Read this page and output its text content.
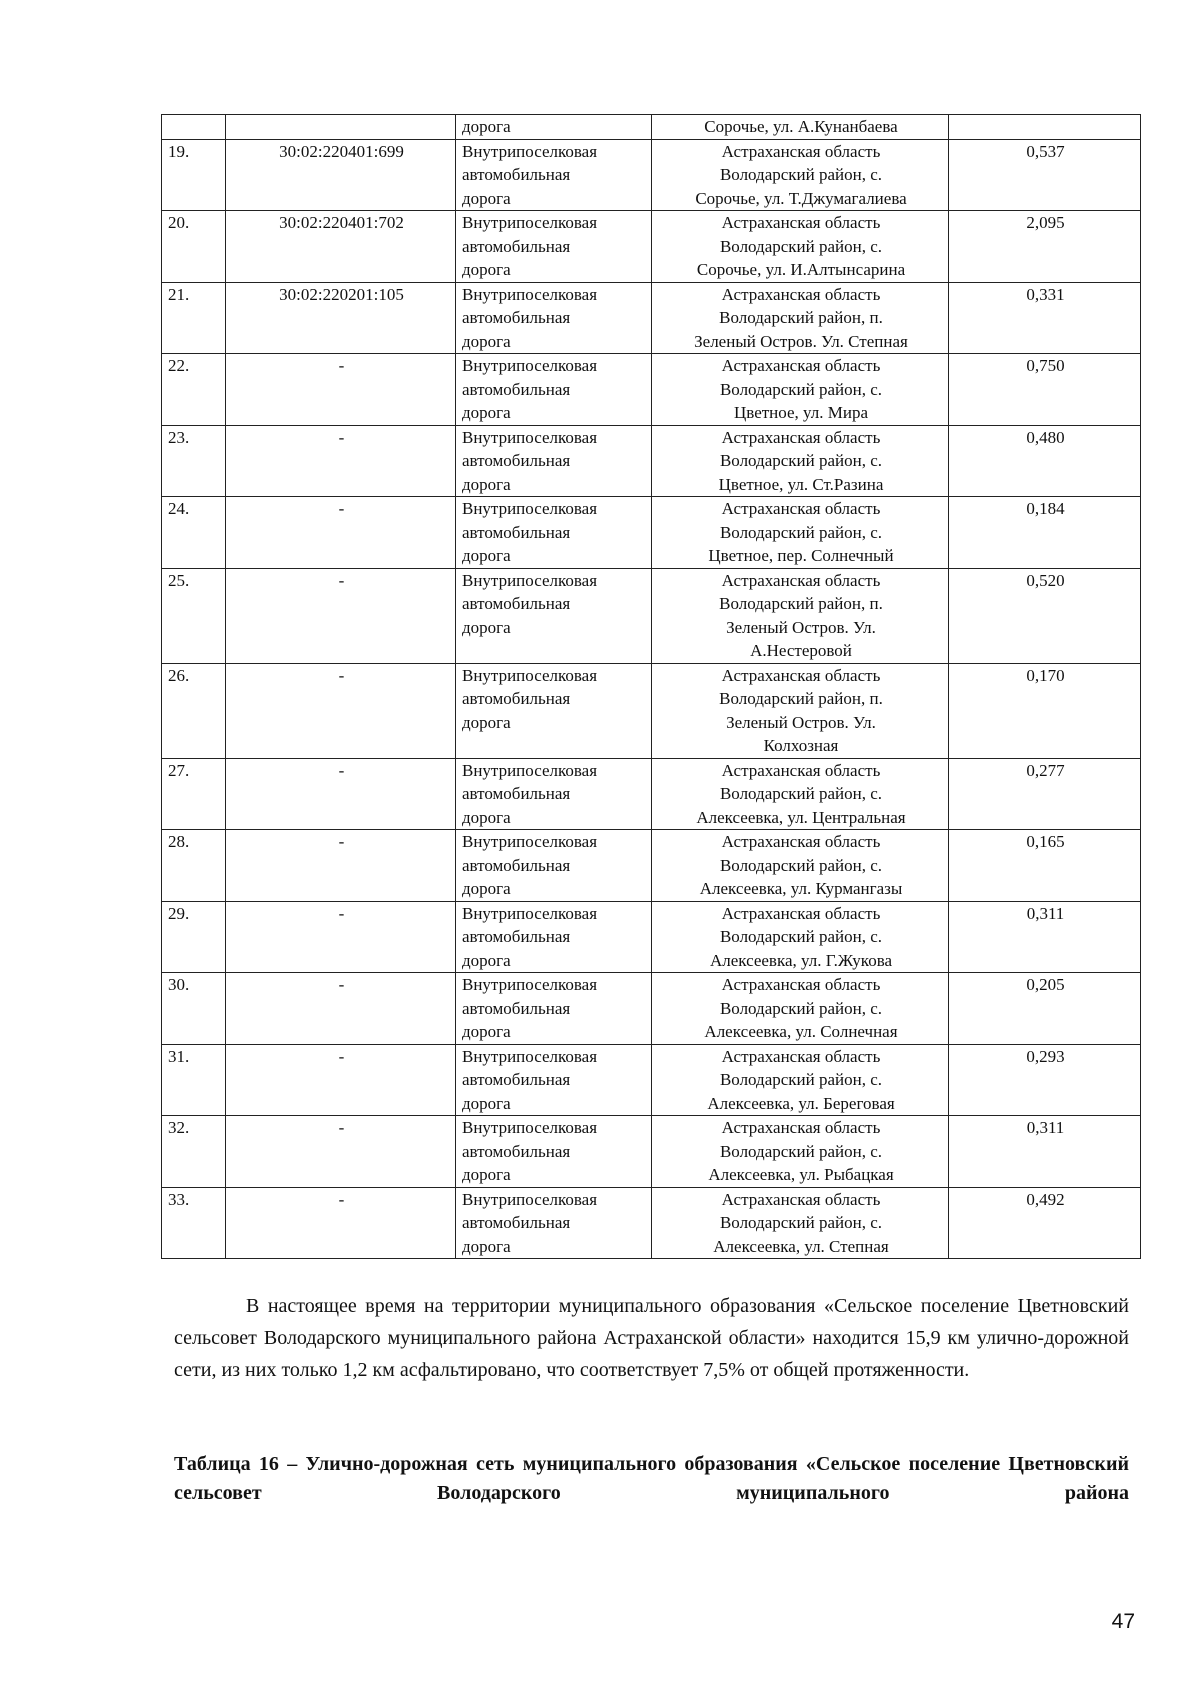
		дорога	Сорочье, ул. А.Кунанбаева	

19.	30:02:220401:699	Внутрипоселковая
автомобильная
дорога	Астраханская область
Володарский район, с.
Сорочье, ул. Т.Джумагалиева	0,537
20.	30:02:220401:702	Внутрипоселковая
автомобильная
дорога	Астраханская область
Володарский район, с.
Сорочье, ул. И.Алтынсарина	2,095
21.	30:02:220201:105	Внутрипоселковая
автомобильная
дорога	Астраханская область
Володарский район, п.
Зеленый Остров. Ул. Степная	0,331
22.	-	Внутрипоселковая
автомобильная
дорога	Астраханская область
Володарский район, с.
Цветное, ул. Мира	0,750
23.	-	Внутрипоселковая
автомобильная
дорога	Астраханская область
Володарский район, с.
Цветное, ул. Ст.Разина	0,480
24.	-	Внутрипоселковая
автомобильная
дорога	Астраханская область
Володарский район, с.
Цветное, пер. Солнечный	0,184
25.	-	Внутрипоселковая
автомобильная
дорога	Астраханская область
Володарский район, п.
Зеленый Остров. Ул.
А.Нестеровой	0,520
26.	-	Внутрипоселковая
автомобильная
дорога	Астраханская область
Володарский район, п.
Зеленый Остров. Ул.
Колхозная	0,170
27.	-	Внутрипоселковая
автомобильная
дорога	Астраханская область
Володарский район, с.
Алексеевка, ул. Центральная	0,277
28.	-	Внутрипоселковая
автомобильная
дорога	Астраханская область
Володарский район, с.
Алексеевка, ул. Курмангазы	0,165
29.	-	Внутрипоселковая
автомобильная
дорога	Астраханская область
Володарский район, с.
Алексеевка, ул. Г.Жукова	0,311
30.	-	Внутрипоселковая
автомобильная
дорога	Астраханская область
Володарский район, с.
Алексеевка, ул. Солнечная	0,205
31.	-	Внутрипоселковая
автомобильная
дорога	Астраханская область
Володарский район, с.
Алексеевка, ул. Береговая	0,293
32.	-	Внутрипоселковая
автомобильная
дорога	Астраханская область
Володарский район, с.
Алексеевка, ул. Рыбацкая	0,311
33.	-	Внутрипоселковая
автомобильная
дорога	Астраханская область
Володарский район, с.
Алексеевка, ул. Степная	0,492
В настоящее время на территории муниципального образования «Сельское поселение Цветновский сельсовет Володарского муниципального района Астраханской области» находится 15,9 км улично-дорожной сети, из них только 1,2 км асфальтировано, что соответствует 7,5% от общей протяженности.
Таблица 16 – Улично-дорожная сеть муниципального образования «Сельское поселение Цветновский сельсовет Володарского муниципального района
47
